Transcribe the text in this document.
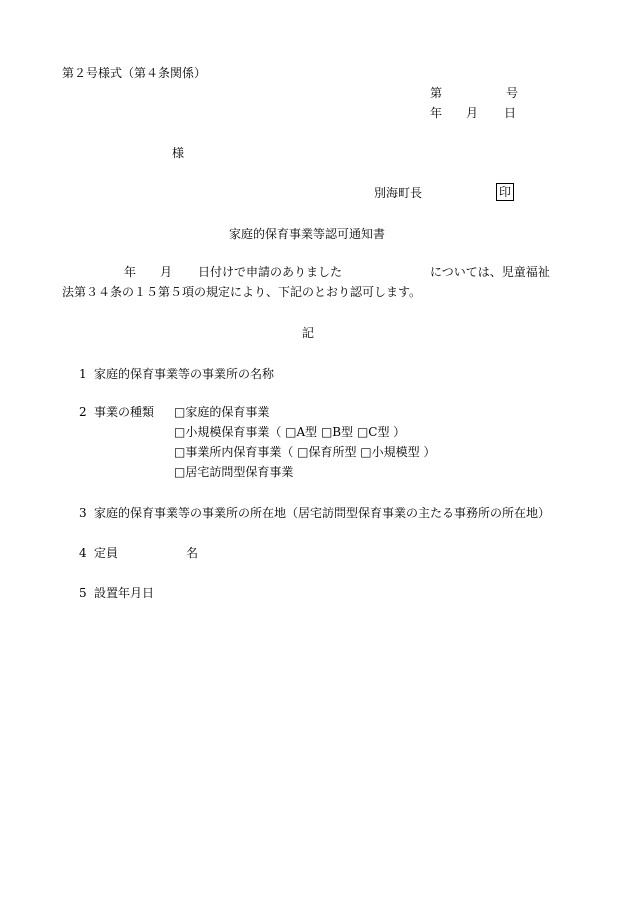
第２号様式（第４条関係）
第	号
年 月 日
様
別海町長	印
家庭的保育事業等認可通知書
年 月 日付けで申請のありました	については、児童福祉
法第３４条の１５第５項の規定により、下記のとおり認可します。
記
1 家庭的保育事業等の事業所の名称
2 事業の種類 □家庭的保育事業
□小規模保育事業（ □A型 □B型 □C型 ）
□事業所内保育事業（ □保育所型 □小規模型 ）
□居宅訪問型保育事業
3 家庭的保育事業等の事業所の所在地（居宅訪問型保育事業の主たる事務所の所在地）
4 定員	名
5 設置年月日
